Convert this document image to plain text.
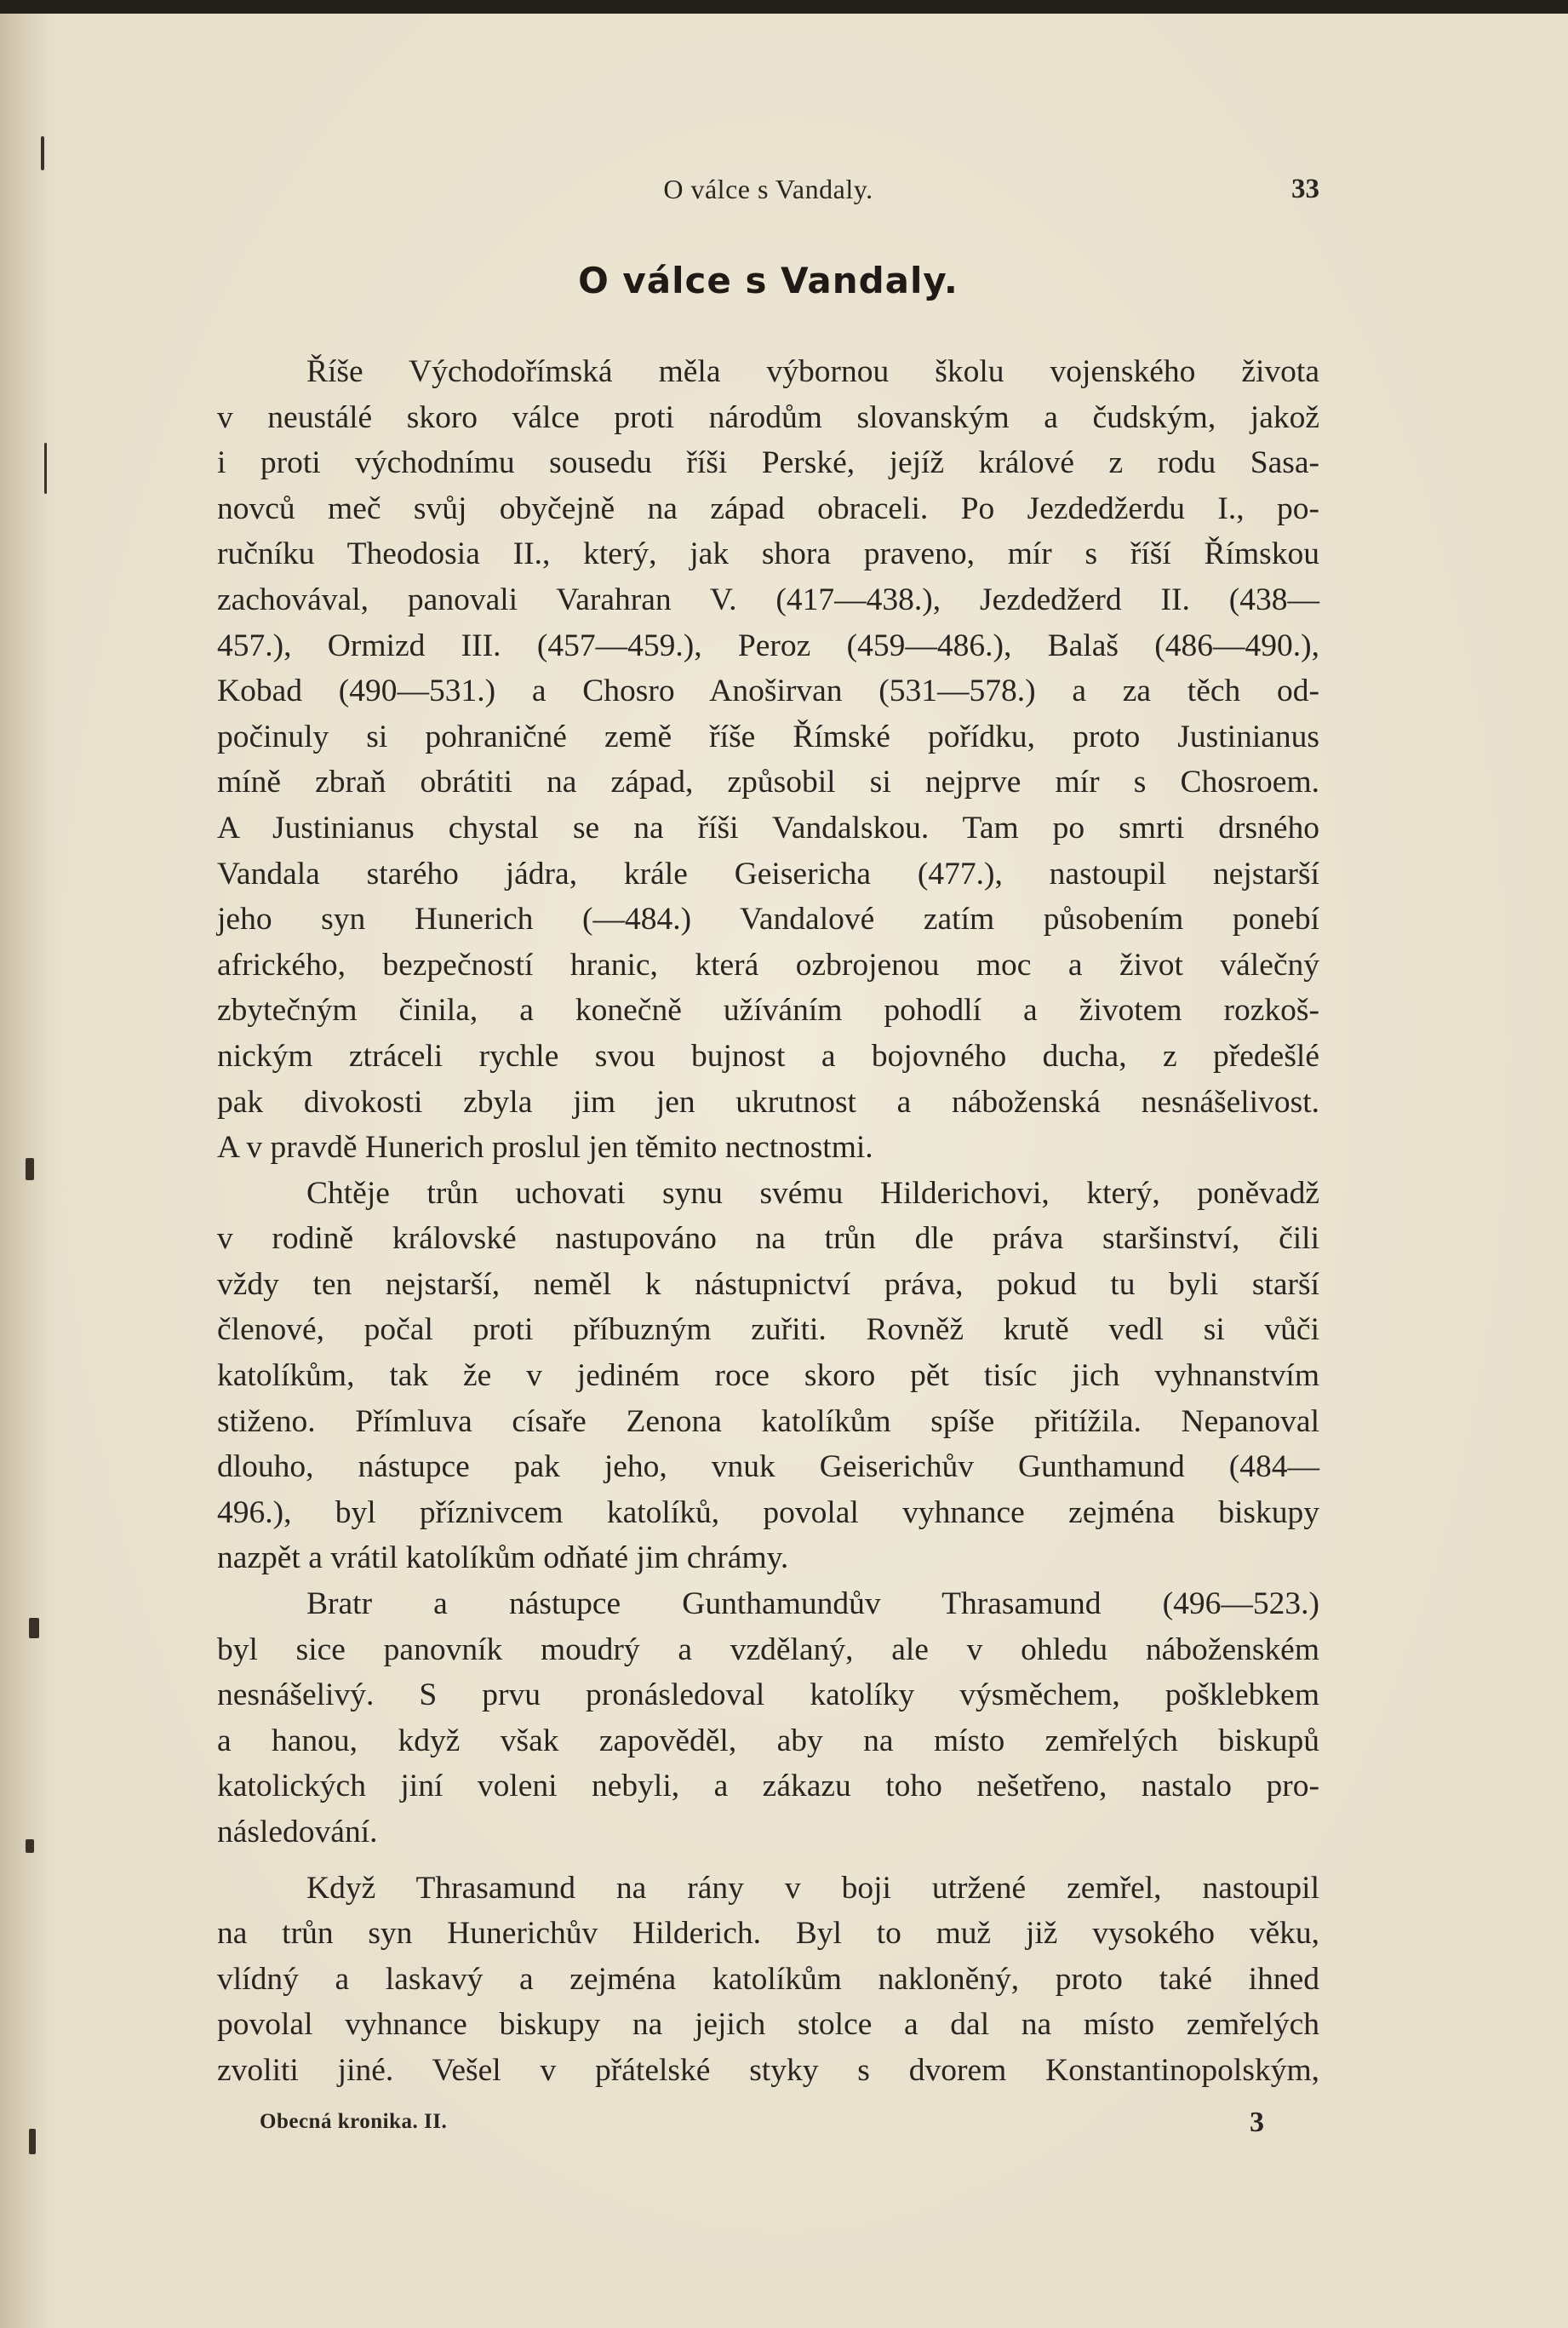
O válce s Vandaly.	33
O válce s Vandaly.
Říše Východořímská měla výbornou školu vojenského života
v neustálé skoro válce proti národům slovanským a čudským, jakož
i proti východnímu sousedu říši Perské, jejíž králové z rodu Sasa-
novců meč svůj obyčejně na západ obraceli. Po Jezdedžerdu I., po-
ručníku Theodosia II., který, jak shora praveno, mír s říší Římskou
zachovával, panovali Varahran V. (417—438.), Jezdedžerd II. (438—
457.), Ormizd III. (457—459.), Peroz (459—486.), Balaš (486—490.),
Kobad (490—531.) a Chosro Anoširvan (531—578.) a za těch od-
počinuly si pohraničné země říše Římské pořídku, proto Justinianus
míně zbraň obrátiti na západ, způsobil si nejprve mír s Chosroem.
A Justinianus chystal se na říši Vandalskou. Tam po smrti drsného
Vandala starého jádra, krále Geisericha (477.), nastoupil nejstarší
jeho syn Hunerich (—484.) Vandalové zatím působením ponebí
afrického, bezpečností hranic, která ozbrojenou moc a život válečný
zbytečným činila, a konečně užíváním pohodlí a životem rozkoš-
nickým ztráceli rychle svou bujnost a bojovného ducha, z předešlé
pak divokosti zbyla jim jen ukrutnost a náboženská nesnášelivost.
A v pravdě Hunerich proslul jen těmito nectnostmi.
Chtěje trůn uchovati synu svému Hilderichovi, který, poněvadž
v rodině královské nastupováno na trůn dle práva staršinství, čili
vždy ten nejstarší, neměl k nástupnictví práva, pokud tu byli starší
členové, počal proti příbuzným zuřiti. Rovněž krutě vedl si vůči
katolíkům, tak že v jediném roce skoro pět tisíc jich vyhnanstvím
stiženo. Přímluva císaře Zenona katolíkům spíše přitížila. Nepanoval
dlouho, nástupce pak jeho, vnuk Geiserichův Gunthamund (484—
496.), byl příznivcem katolíků, povolal vyhnance zejména biskupy
nazpět a vrátil katolíkům odňaté jim chrámy.
Bratr a nástupce Gunthamundův Thrasamund (496—523.)
byl sice panovník moudrý a vzdělaný, ale v ohledu náboženském
nesnášelivý. S prvu pronásledoval katolíky výsměchem, pošklebkem
a hanou, když však zapověděl, aby na místo zemřelých biskupů
katolických jiní voleni nebyli, a zákazu toho nešetřeno, nastalo pro-
následování.
Když Thrasamund na rány v boji utržené zemřel, nastoupil
na trůn syn Hunerichův Hilderich. Byl to muž již vysokého věku,
vlídný a laskavý a zejména katolíkům nakloněný, proto také ihned
povolal vyhnance biskupy na jejich stolce a dal na místo zemřelých
zvoliti jiné. Vešel v přátelské styky s dvorem Konstantinopolským,
Obecná kronika. II.	3
